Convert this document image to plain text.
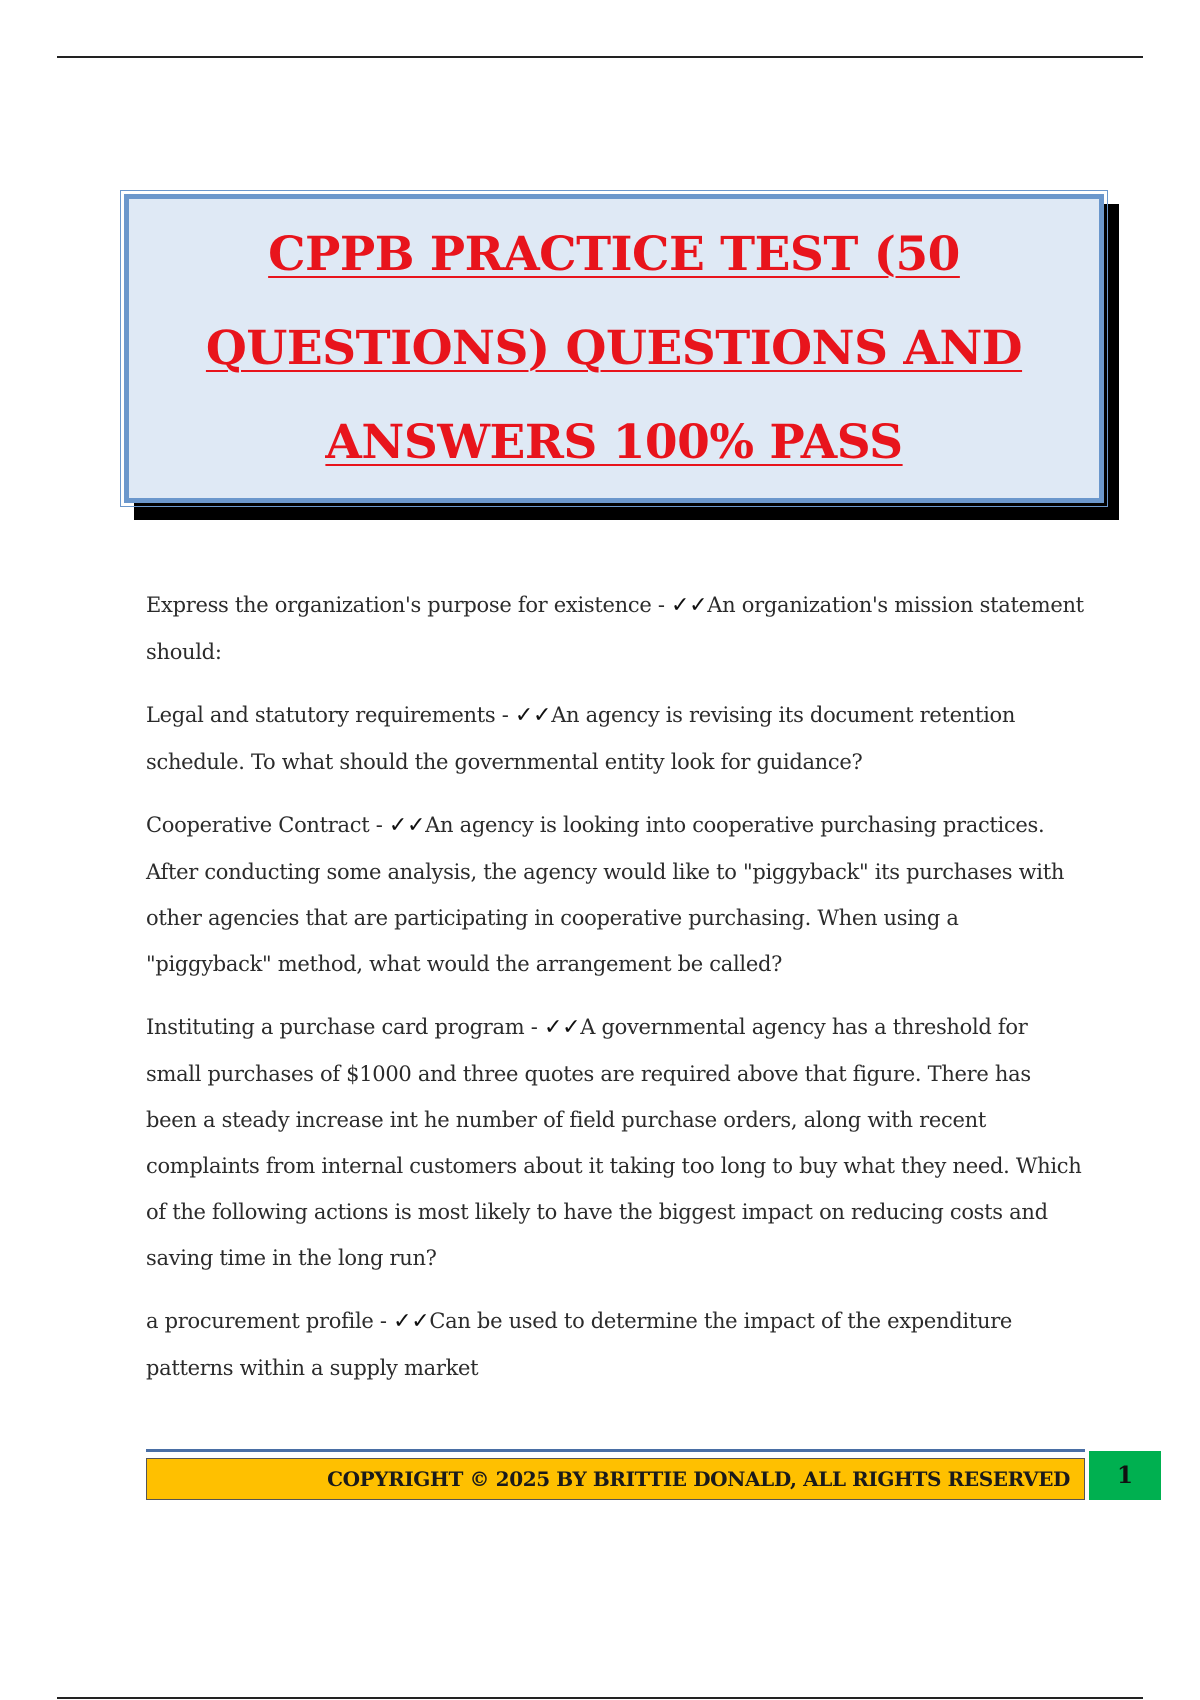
CPPB PRACTICE TEST (50
QUESTIONS) QUESTIONS AND
ANSWERS 100% PASS

Express the organization's purpose for existence - ✓✓An organization's mission statement should:

Legal and statutory requirements - ✓✓An agency is revising its document retention schedule. To what should the governmental entity look for guidance?

Cooperative Contract - ✓✓An agency is looking into cooperative purchasing practices. After conducting some analysis, the agency would like to "piggyback" its purchases with other agencies that are participating in cooperative purchasing. When using a "piggyback" method, what would the arrangement be called?

Instituting a purchase card program - ✓✓A governmental agency has a threshold for small purchases of $1000 and three quotes are required above that figure. There has been a steady increase int he number of field purchase orders, along with recent complaints from internal customers about it taking too long to buy what they need. Which of the following actions is most likely to have the biggest impact on reducing costs and saving time in the long run?

a procurement profile - ✓✓Can be used to determine the impact of the expenditure patterns within a supply market

COPYRIGHT © 2025 BY BRITTIE DONALD, ALL RIGHTS RESERVED 1
